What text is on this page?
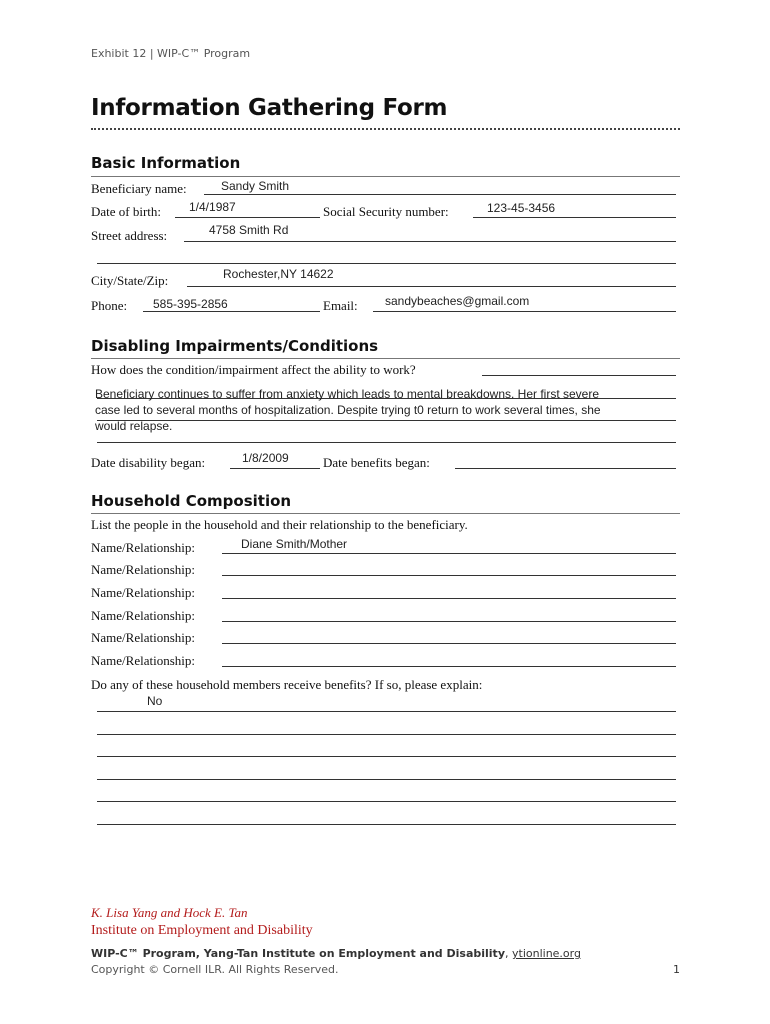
Exhibit 12 | WIP-C™ Program
Information Gathering Form
Basic Information
Beneficiary name:	Sandy Smith
Date of birth: 1/4/1987	Social Security number:	123-45-3456
Street address:	4758 Smith Rd
City/State/Zip:	Rochester,NY 14622
Phone: 585-395-2856	Email: sandybeaches@gmail.com
Disabling Impairments/Conditions
How does the condition/impairment affect the ability to work?
Beneficiary continues to suffer from anxiety which leads to mental breakdowns. Her first severe
case led to several months of hospitalization. Despite trying t0 return to work several times, she
would relapse.
Date disability began:	1/8/2009	Date benefits began:
Household Composition
List the people in the household and their relationship to the beneficiary.
Name/Relationship:	Diane Smith/Mother
Name/Relationship:
Name/Relationship:
Name/Relationship:
Name/Relationship:
Name/Relationship:
Do any of these household members receive benefits? If so, please explain:
No
K. Lisa Yang and Hock E. Tan
Institute on Employment and Disability
WIP-C™ Program, Yang-Tan Institute on Employment and Disability, ytionline.org
Copyright © Cornell ILR. All Rights Reserved.	1
